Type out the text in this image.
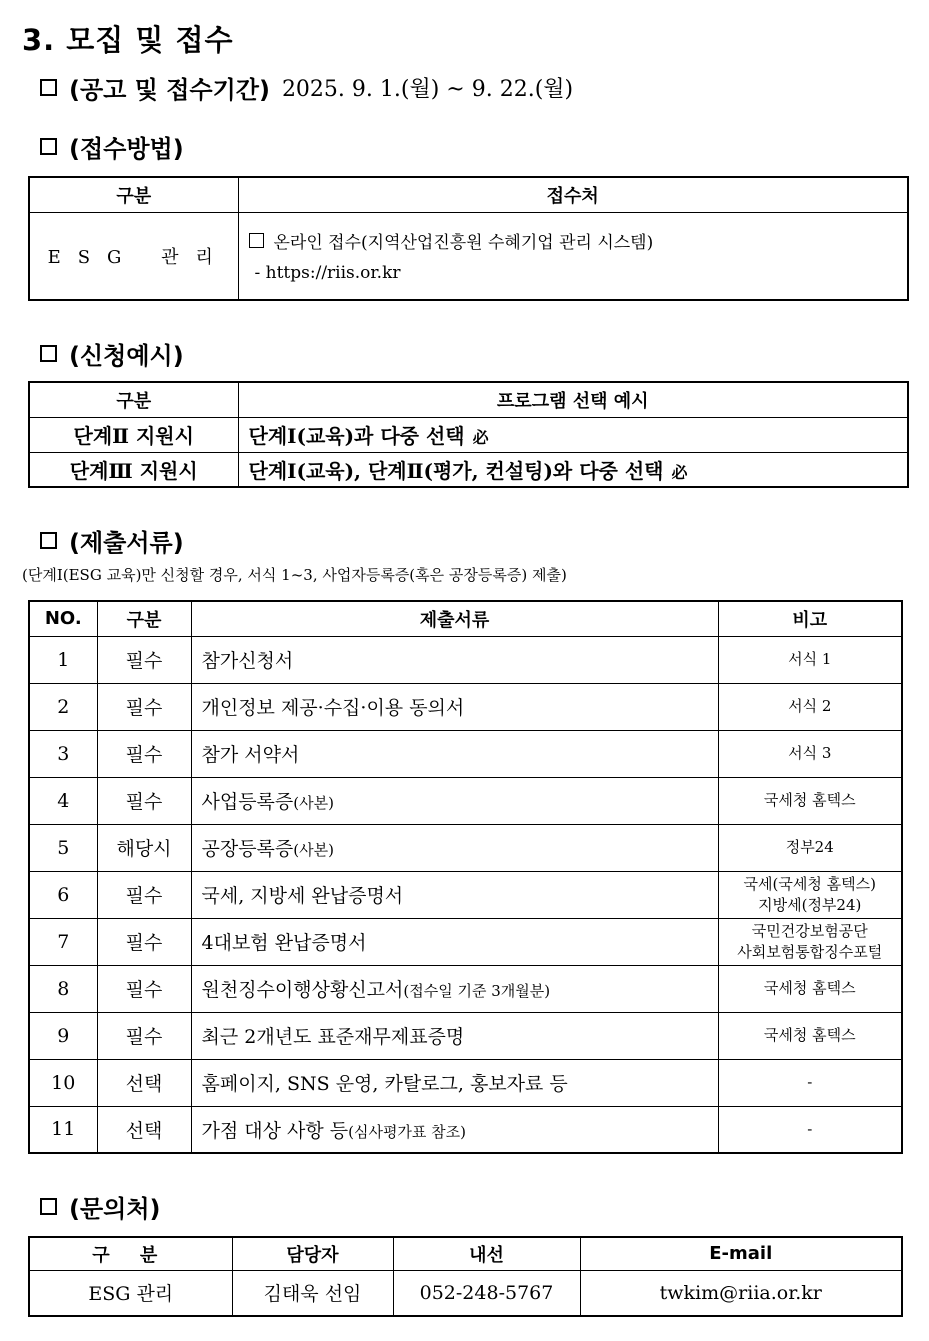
3. 모집 및 접수
(공고 및 접수기간) 2025. 9. 1.(월) ~ 9. 22.(월)
(접수방법)
구분	접수처
ESG 관리	온라인 접수(지역산업진흥원 수혜기업 관리 시스템)
- https://riis.or.kr
(신청예시)
구분	프로그램 선택 예시
단계Ⅱ 지원시	단계Ⅰ(교육)과 다중 선택 必
단계Ⅲ 지원시	단계Ⅰ(교육), 단계Ⅱ(평가, 컨설팅)와 다중 선택 必
(제출서류)
(단계Ⅰ(ESG 교육)만 신청할 경우, 서식 1~3, 사업자등록증(혹은 공장등록증) 제출)
NO.	구분	제출서류	비고
1	필수	참가신청서	서식 1

2	필수	개인정보 제공·수집·이용 동의서	서식 2

3	필수	참가 서약서	서식 3

4	필수	사업등록증(사본)	국세청 홈텍스

5	해당시	공장등록증(사본)	정부24

6	필수	국세, 지방세 완납증명서	국세(국세청 홈텍스)
지방세(정부24)

7	필수	4대보험 완납증명서	국민건강보험공단
사회보험통합징수포털

8	필수	원천징수이행상황신고서(접수일 기준 3개월분)	국세청 홈텍스

9	필수	최근 2개년도 표준재무제표증명	국세청 홈텍스

10	선택	홈페이지, SNS 운영, 카탈로그, 홍보자료 등	-

11	선택	가점 대상 사항 등(심사평가표 참조)	-
(문의처)
구 분	담당자	내선	E-mail
ESG 관리	김태욱 선임	052-248-5767	twkim@riia.or.kr
